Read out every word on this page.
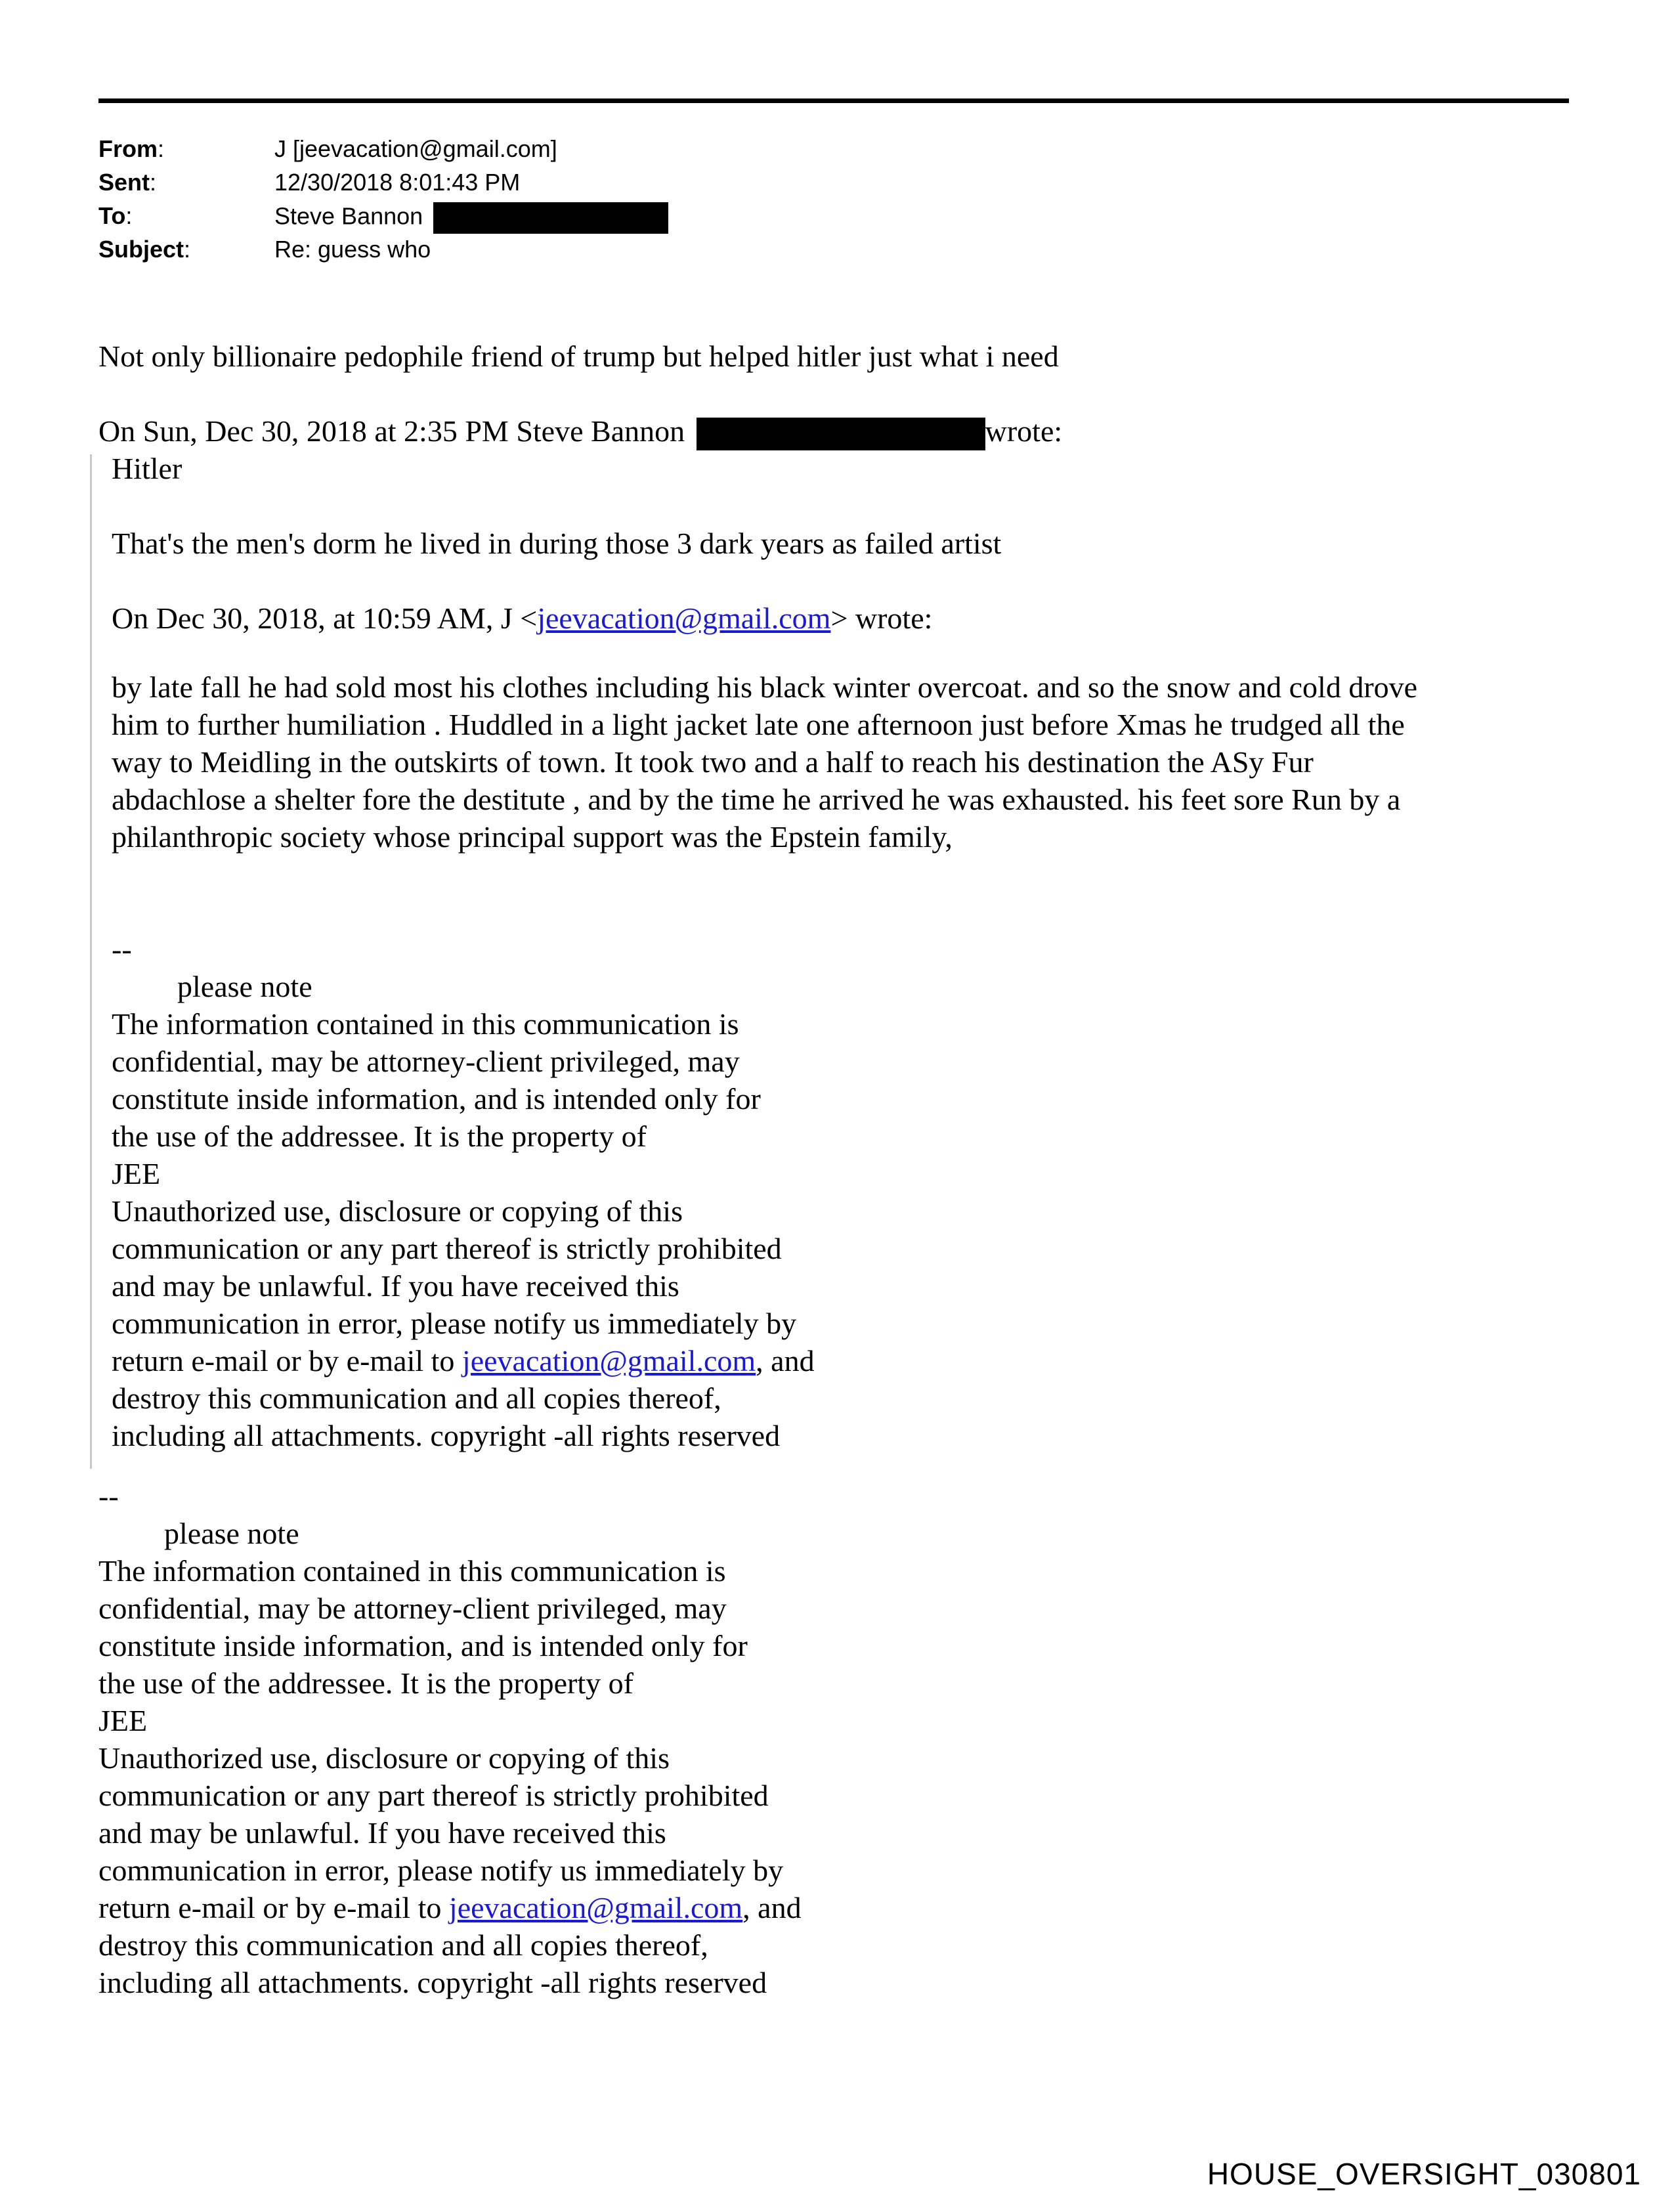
From:	J [jeevacation@gmail.com]
Sent:	12/30/2018 8:01:43 PM
To:	Steve Bannon
Subject:	Re: guess who
Not only billionaire pedophile friend of trump but helped hitler just what i need
On Sun, Dec 30, 2018 at 2:35 PM Steve Bannon	wrote:
Hitler
That's the men's dorm he lived in during those 3 dark years as failed artist
On Dec 30, 2018, at 10:59 AM, J <jeevacation@gmail.com> wrote:
by late fall he had sold most his clothes including his black winter overcoat. and so the snow and cold drove
him to further humiliation . Huddled in a light jacket late one afternoon just before Xmas he trudged all the
way to Meidling in the outskirts of town. It took two and a half to reach his destination the ASy Fur
abdachlose a shelter fore the destitute , and by the time he arrived he was exhausted. his feet sore Run by a
philanthropic society whose principal support was the Epstein family,
--
please note
The information contained in this communication is
confidential, may be attorney-client privileged, may
constitute inside information, and is intended only for
the use of the addressee. It is the property of
JEE
Unauthorized use, disclosure or copying of this
communication or any part thereof is strictly prohibited
and may be unlawful. If you have received this
communication in error, please notify us immediately by
return e-mail or by e-mail to jeevacation@gmail.com, and
destroy this communication and all copies thereof,
including all attachments. copyright -all rights reserved
--
please note
The information contained in this communication is
confidential, may be attorney-client privileged, may
constitute inside information, and is intended only for
the use of the addressee. It is the property of
JEE
Unauthorized use, disclosure or copying of this
communication or any part thereof is strictly prohibited
and may be unlawful. If you have received this
communication in error, please notify us immediately by
return e-mail or by e-mail to jeevacation@gmail.com, and
destroy this communication and all copies thereof,
including all attachments. copyright -all rights reserved
HOUSE_OVERSIGHT_030801
